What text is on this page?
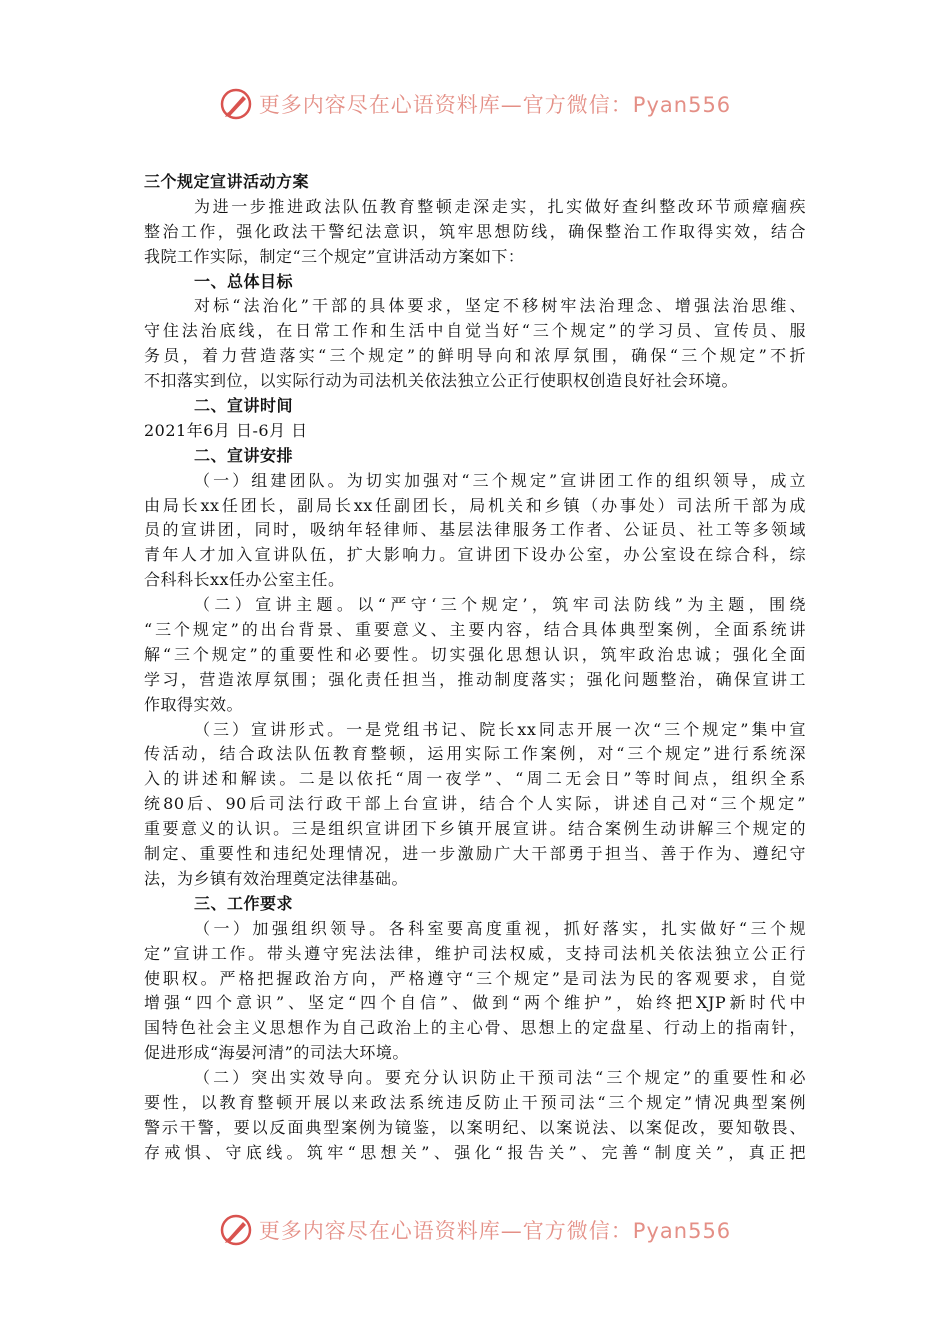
更多内容尽在心语资料库—官方微信：Pyan556
三个规定宣讲活动方案
为进一步推进政法队伍教育整顿走深走实，扎实做好查纠整改环节顽瘴痼疾
整治工作，强化政法干警纪法意识，筑牢思想防线，确保整治工作取得实效，结合
我院工作实际，制定“三个规定”宣讲活动方案如下：
一、总体目标
对标“法治化”干部的具体要求，坚定不移树牢法治理念、增强法治思维、
守住法治底线，在日常工作和生活中自觉当好“三个规定”的学习员、宣传员、服
务员，着力营造落实“三个规定”的鲜明导向和浓厚氛围，确保“三个规定”不折
不扣落实到位，以实际行动为司法机关依法独立公正行使职权创造良好社会环境。
二、宣讲时间
2021年6月 日-6月 日
二、宣讲安排
（一）组建团队。为切实加强对“三个规定”宣讲团工作的组织领导，成立
由局长xx任团长，副局长xx任副团长，局机关和乡镇（办事处）司法所干部为成
员的宣讲团，同时，吸纳年轻律师、基层法律服务工作者、公证员、社工等多领域
青年人才加入宣讲队伍，扩大影响力。宣讲团下设办公室，办公室设在综合科，综
合科科长xx任办公室主任。
（二）宣讲主题。以“严守‘三个规定’，筑牢司法防线”为主题，围绕
“三个规定”的出台背景、重要意义、主要内容，结合具体典型案例，全面系统讲
解“三个规定”的重要性和必要性。切实强化思想认识，筑牢政治忠诚；强化全面
学习，营造浓厚氛围；强化责任担当，推动制度落实；强化问题整治，确保宣讲工
作取得实效。
（三）宣讲形式。一是党组书记、院长xx同志开展一次“三个规定”集中宣
传活动，结合政法队伍教育整顿，运用实际工作案例，对“三个规定”进行系统深
入的讲述和解读。二是以依托“周一夜学”、“周二无会日”等时间点，组织全系
统80后、90后司法行政干部上台宣讲，结合个人实际，讲述自己对“三个规定”
重要意义的认识。三是组织宣讲团下乡镇开展宣讲。结合案例生动讲解三个规定的
制定、重要性和违纪处理情况，进一步激励广大干部勇于担当、善于作为、遵纪守
法，为乡镇有效治理奠定法律基础。
三、工作要求
（一）加强组织领导。各科室要高度重视，抓好落实，扎实做好“三个规
定”宣讲工作。带头遵守宪法法律，维护司法权威，支持司法机关依法独立公正行
使职权。严格把握政治方向，严格遵守“三个规定”是司法为民的客观要求，自觉
增强“四个意识”、坚定“四个自信”、做到“两个维护”，始终把XJP新时代中
国特色社会主义思想作为自己政治上的主心骨、思想上的定盘星、行动上的指南针，
促进形成“海晏河清”的司法大环境。
（二）突出实效导向。要充分认识防止干预司法“三个规定”的重要性和必
要性，以教育整顿开展以来政法系统违反防止干预司法“三个规定”情况典型案例
警示干警，要以反面典型案例为镜鉴，以案明纪、以案说法、以案促改，要知敬畏、
存戒惧、守底线。筑牢“思想关”、强化“报告关”、完善“制度关”，真正把
更多内容尽在心语资料库—官方微信：Pyan556
